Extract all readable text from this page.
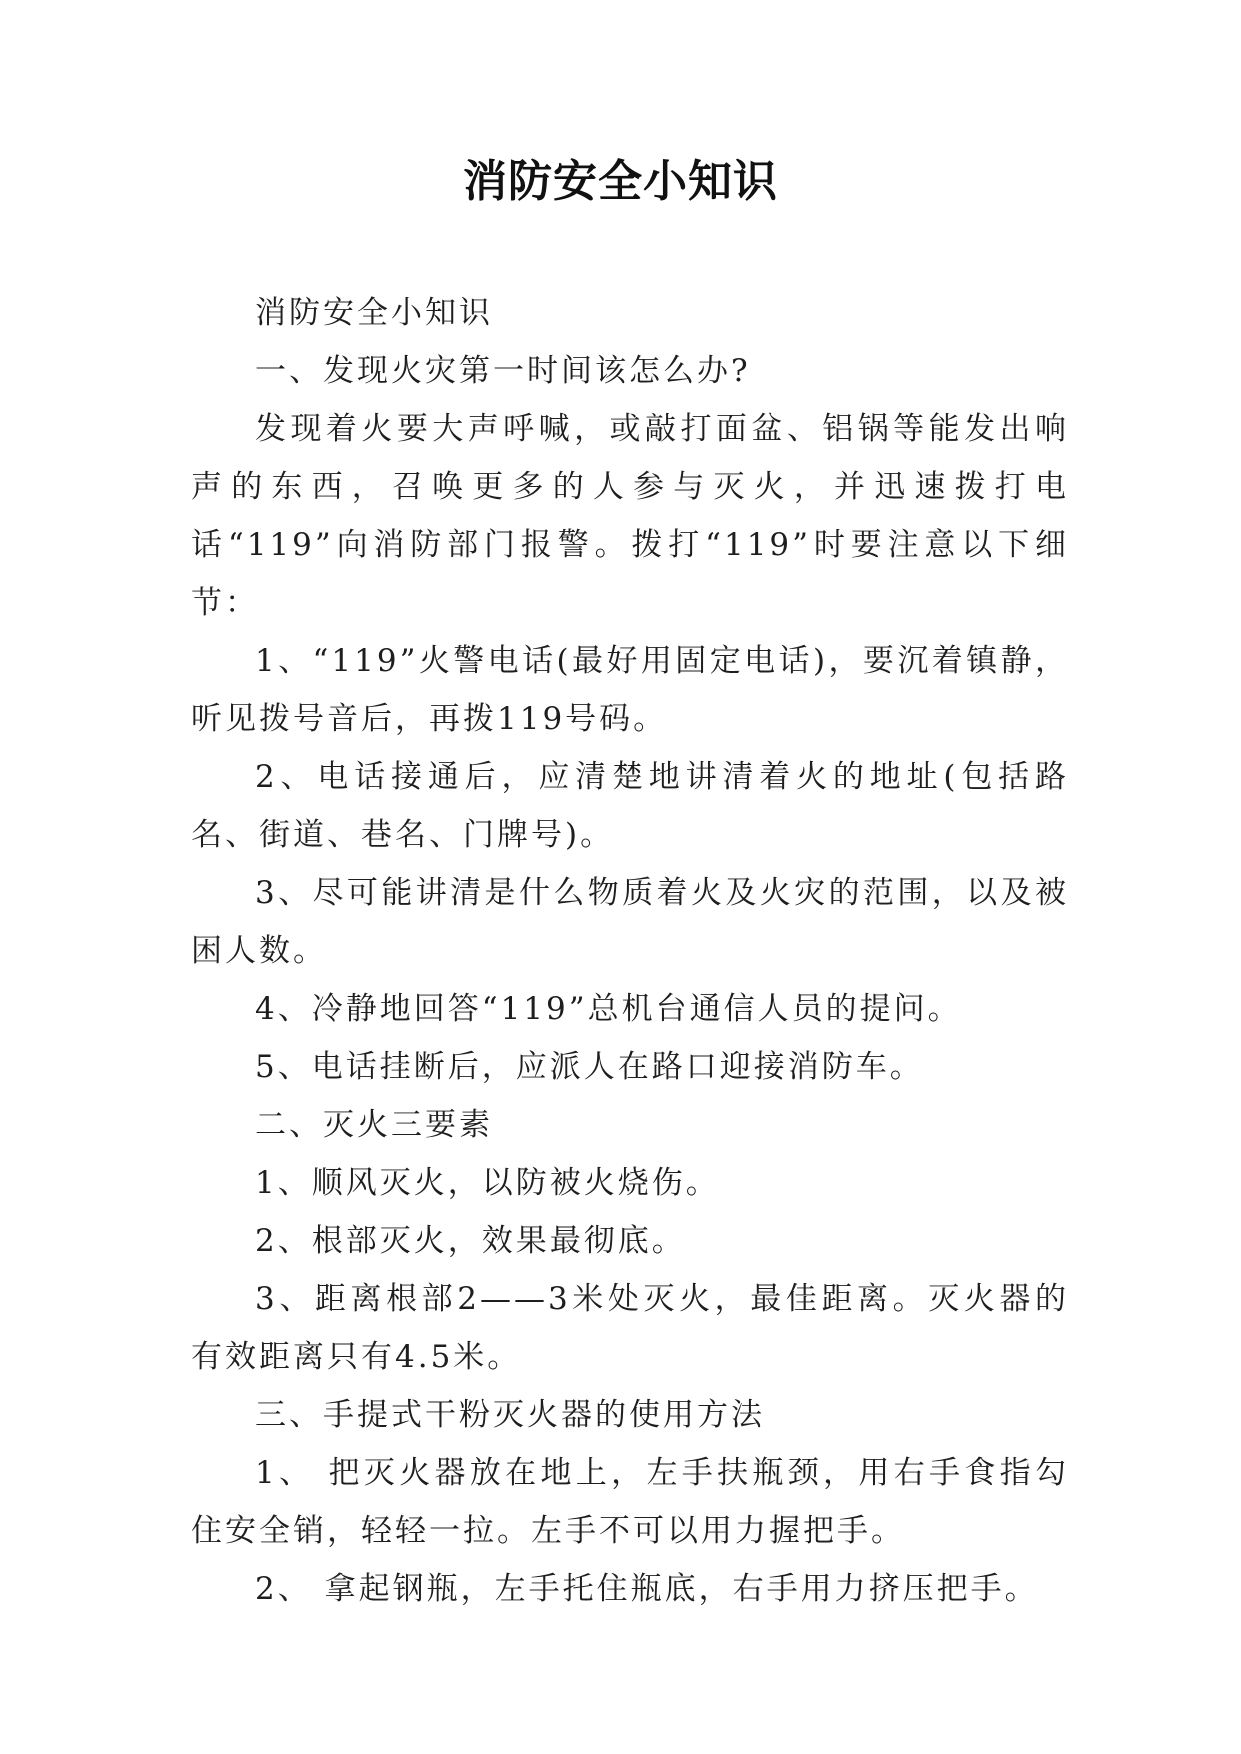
消防安全小知识

消防安全小知识

一、发现火灾第一时间该怎么办?

发现着火要大声呼喊，或敲打面盆、铝锅等能发出响声的东西，召唤更多的人参与灭火，并迅速拨打电话“119”向消防部门报警。拨打“119”时要注意以下细节：

1、“119”火警电话(最好用固定电话)，要沉着镇静，听见拨号音后，再拨119号码。

2、电话接通后，应清楚地讲清着火的地址(包括路名、街道、巷名、门牌号)。

3、尽可能讲清是什么物质着火及火灾的范围，以及被困人数。

4、冷静地回答“119”总机台通信人员的提问。

5、电话挂断后，应派人在路口迎接消防车。

二、灭火三要素

1、顺风灭火，以防被火烧伤。

2、根部灭火，效果最彻底。

3、距离根部2——3米处灭火，最佳距离。灭火器的有效距离只有4.5米。

三、手提式干粉灭火器的使用方法

1、 把灭火器放在地上，左手扶瓶颈，用右手食指勾住安全销，轻轻一拉。左手不可以用力握把手。

2、 拿起钢瓶，左手托住瓶底，右手用力挤压把手。
